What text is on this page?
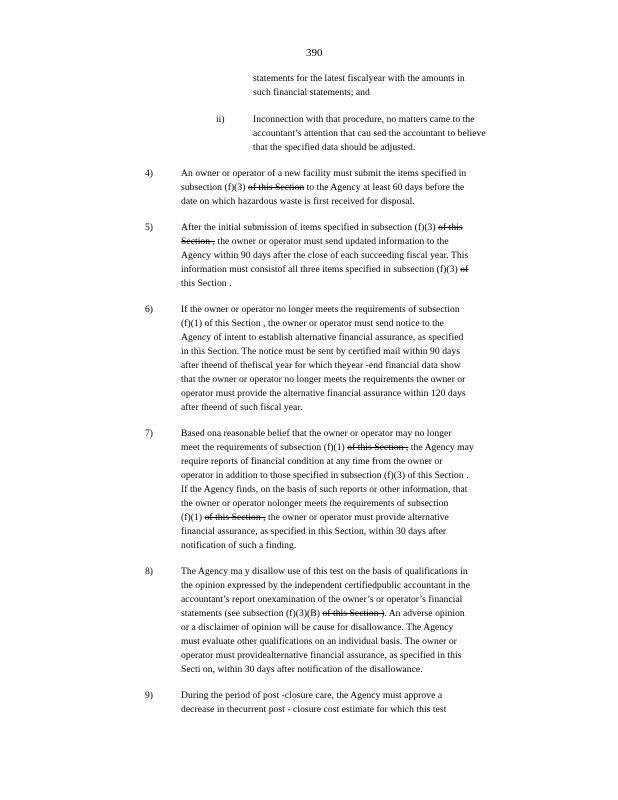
390
statements for the latest fiscalyear with the amounts in
such financial statements; and
ii)	Inconnection with that procedure, no matters came to the
accountant’s attention that cau sed the accountant to believe
that the specified data should be adjusted.
4)	An owner or operator of a new facility must submit the items specified in
subsection (f)(3) of this Section to the Agency at least 60 days before the
date on which hazardous waste is first received for disposal.
5)	After the initial submission of items specified in subsection (f)(3) of this
Section , the owner or operator must send updated information to the
Agency within 90 days after the close of each succeeding fiscal year. This
information must consistof all three items specified in subsection (f)(3) of
this Section .
6)	If the owner or operator no longer meets the requirements of subsection
(f)(1) of this Section , the owner or operator must send notice to the
Agency of intent to establish alternative financial assurance, as specified
in this Section. The notice must be sent by certified mail within 90 days
after theend of thefiscal year for which theyear -end financial data show
that the owner or operator no longer meets the requirements the owner or
operator must provide the alternative financial assurance within 120 days
after theend of such fiscal year.
7)	Based ona reasonable belief that the owner or operator may no longer
meet the requirements of subsection (f)(1) of this Section , the Agency may
require reports of financial condition at any time from the owner or
operator in addition to those specified in subsection (f)(3) of this Section .
If the Agency finds, on the basis of such reports or other information, that
the owner or operator nolonger meets the requirements of subsection
(f)(1) of this Section , the owner or operator must provide alternative
financial assurance, as specified in this Section, within 30 days after
notification of such a finding.
8)	The Agency ma y disallow use of this test on the basis of qualifications in
the opinion expressed by the independent certifiedpublic accountant in the
accountant’s report onexamination of the owner’s or operator’s financial
statements (see subsection (f)(3)(B) of this Section ). An adverse opinion
or a disclaimer of opinion will be cause for disallowance. The Agency
must evaluate other qualifications on an individual basis. The owner or
operator must providealternative financial assurance, as specified in this
Secti on, within 30 days after notification of the disallowance.
9)	During the period of post -closure care, the Agency must approve a
decrease in thecurrent post - closure cost estimate for which this test
